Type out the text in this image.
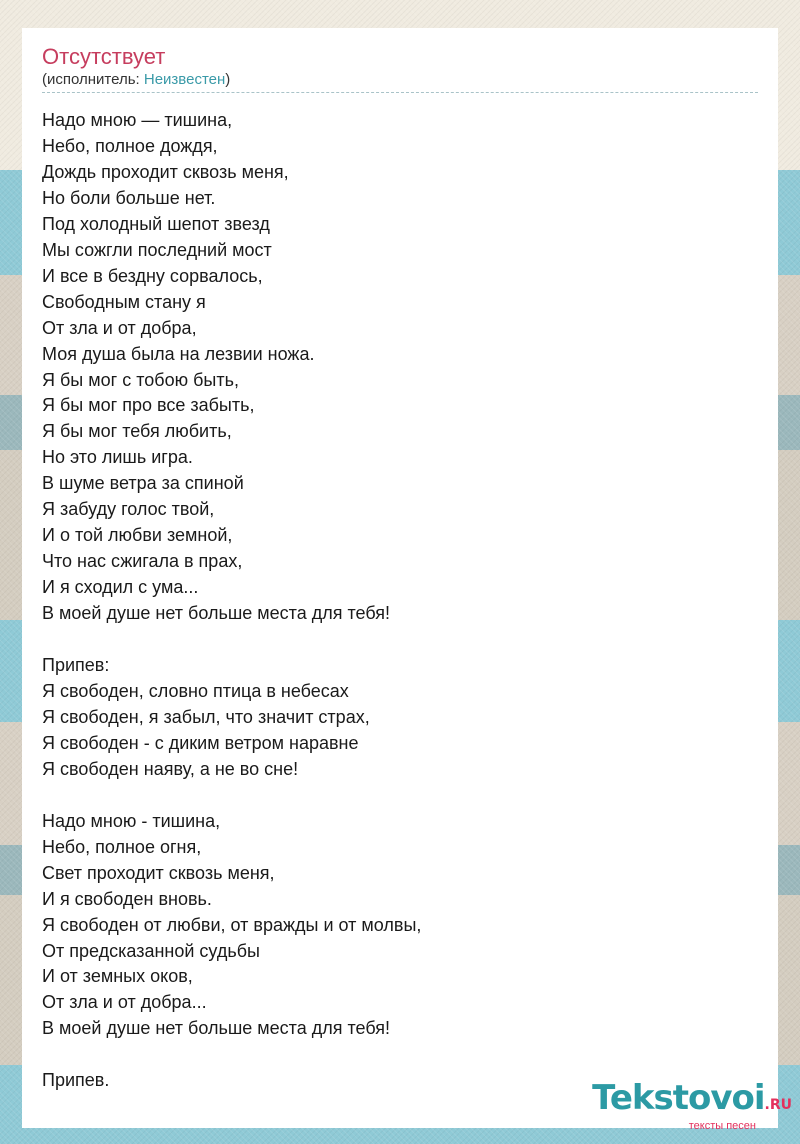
Отсутствует
(исполнитель: Неизвестен)
Надо мною — тишина,
Небо, полное дождя,
Дождь проходит сквозь меня,
Но боли больше нет.
Под холодный шепот звезд
Мы сожгли последний мост
И все в бездну сорвалось,
Свободным стану я
От зла и от добра,
Моя душа была на лезвии ножа.
Я бы мог с тобою быть,
Я бы мог про все забыть,
Я бы мог тебя любить,
Но это лишь игра.
В шуме ветра за спиной
Я забуду голос твой,
И о той любви земной,
Что нас сжигала в прах,
И я сходил с ума...
В моей душе нет больше места для тебя!

Припев:
Я свободен, словно птица в небесах
Я свободен, я забыл, что значит страх,
Я свободен - с диким ветром наравне
Я свободен наяву, а не во сне!

Надо мною - тишина,
Небо, полное огня,
Свет проходит сквозь меня,
И я свободен вновь.
Я свободен от любви, от вражды и от молвы,
От предсказанной судьбы
И от земных оков,
От зла и от добра...
В моей душе нет больше места для тебя!

Припев.	Tekstovoi.RU
тексты песен
